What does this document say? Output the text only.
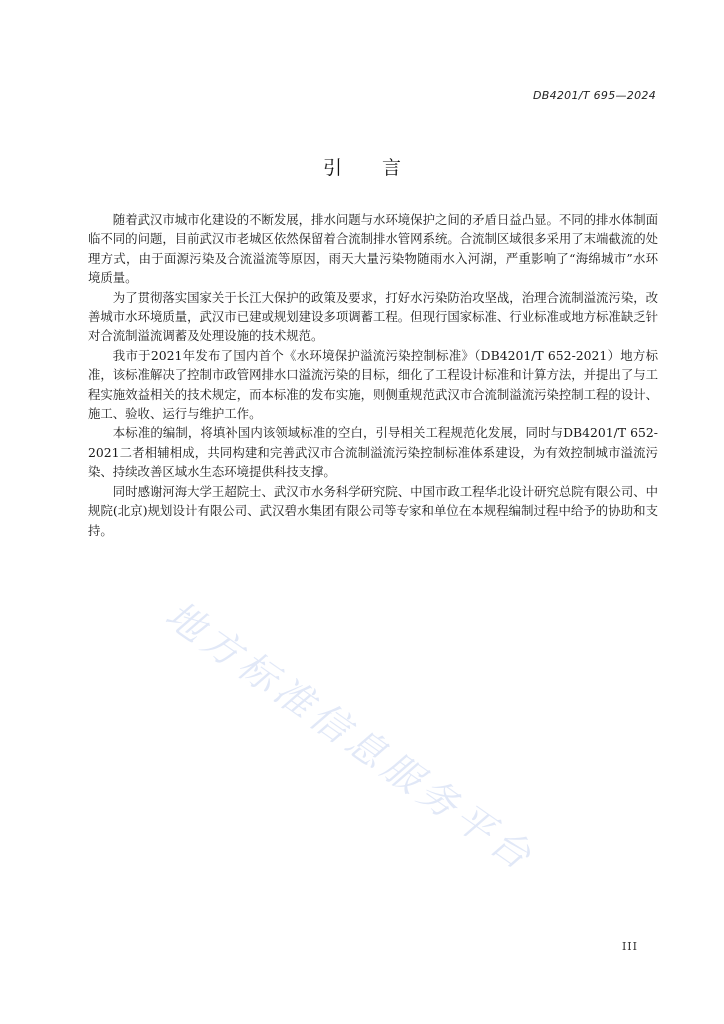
DB4201/T 695—2024
引言

随着武汉市城市化建设的不断发展，排水问题与水环境保护之间的矛盾日益凸显。不同的排水体制面临不同的问题，目前武汉市老城区依然保留着合流制排水管网系统。合流制区域很多采用了末端截流的处理方式，由于面源污染及合流溢流等原因，雨天大量污染物随雨水入河湖，严重影响了“海绵城市”水环境质量。

为了贯彻落实国家关于长江大保护的政策及要求，打好水污染防治攻坚战，治理合流制溢流污染，改善城市水环境质量，武汉市已建或规划建设多项调蓄工程。但现行国家标准、行业标准或地方标准缺乏针对合流制溢流调蓄及处理设施的技术规范。

我市于2021年发布了国内首个《水环境保护溢流污染控制标准》（DB4201/T 652-2021）地方标准，该标准解决了控制市政管网排水口溢流污染的目标，细化了工程设计标准和计算方法，并提出了与工程实施效益相关的技术规定，而本标准的发布实施，则侧重规范武汉市合流制溢流污染控制工程的设计、施工、验收、运行与维护工作。

本标准的编制，将填补国内该领域标准的空白，引导相关工程规范化发展，同时与DB4201/T 652-2021二者相辅相成，共同构建和完善武汉市合流制溢流污染控制标准体系建设，为有效控制城市溢流污染、持续改善区域水生态环境提供科技支撑。

同时感谢河海大学王超院士、武汉市水务科学研究院、中国市政工程华北设计研究总院有限公司、中规院(北京)规划设计有限公司、武汉碧水集团有限公司等专家和单位在本规程编制过程中给予的协助和支持。

地方标准信息服务平台
III
